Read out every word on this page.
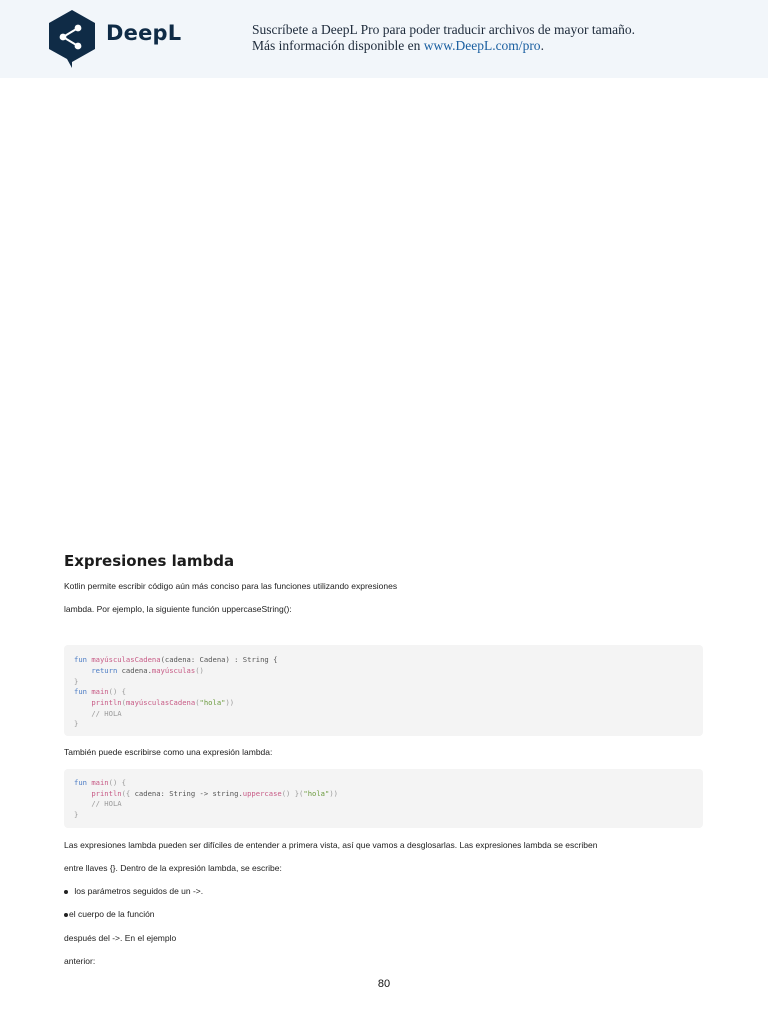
DeepL	Suscríbete a DeepL Pro para poder traducir archivos de mayor tamaño.
Más información disponible en www.DeepL.com/pro.
Expresiones lambda

Kotlin permite escribir código aún más conciso para las funciones utilizando expresiones

lambda. Por ejemplo, la siguiente función uppercaseString():

fun mayúsculasCadena(cadena: Cadena) : String {
return cadena.mayúsculas()
}
fun main() {
println(mayúsculasCadena("hola"))
// HOLA
}

También puede escribirse como una expresión lambda:

fun main() {
println({ cadena: String -> string.uppercase() }("hola"))
// HOLA
}

Las expresiones lambda pueden ser difíciles de entender a primera vista, así que vamos a desglosarlas. Las expresiones lambda se escriben

entre llaves {}. Dentro de la expresión lambda, se escribe:

los parámetros seguidos de un ->.

el cuerpo de la función

después del ->. En el ejemplo

anterior:

80
